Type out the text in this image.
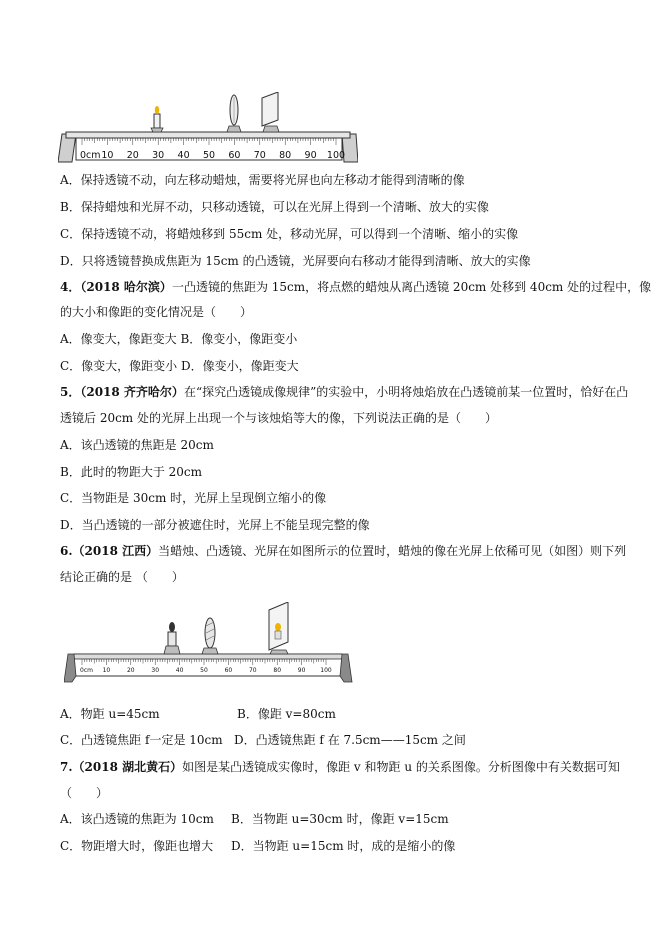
0cm 10 20 30 40 50 60 70 80 90 100
A．保持透镜不动，向左移动蜡烛，需要将光屏也向左移动才能得到清晰的像
B．保持蜡烛和光屏不动，只移动透镜，可以在光屏上得到一个清晰、放大的实像
C．保持透镜不动，将蜡烛移到 55cm 处，移动光屏，可以得到一个清晰、缩小的实像
D．只将透镜替换成焦距为 15cm 的凸透镜，光屏要向右移动才能得到清晰、放大的实像
4．（2018 哈尔滨）一凸透镜的焦距为 15cm，将点燃的蜡烛从离凸透镜 20cm 处移到 40cm 处的过程中，像
的大小和像距的变化情况是（　　）
A．像变大，像距变大 B．像变小，像距变小
C．像变大，像距变小 D．像变小，像距变大
5．（2018 齐齐哈尔）在“探究凸透镜成像规律”的实验中，小明将烛焰放在凸透镜前某一位置时，恰好在凸
透镜后 20cm 处的光屏上出现一个与该烛焰等大的像，下列说法正确的是（　　）
A．该凸透镜的焦距是 20cm
B．此时的物距大于 20cm
C．当物距是 30cm 时，光屏上呈现倒立缩小的像
D．当凸透镜的一部分被遮住时，光屏上不能呈现完整的像
6.（2018 江西）当蜡烛、凸透镜、光屏在如图所示的位置时，蜡烛的像在光屏上依稀可见（如图）则下列
结论正确的是 （　　）
0cm 10	20	30	40	50	60	70	80	90 100
A．物距 u=45cm	B．像距 v=80cm
C．凸透镜焦距 f一定是 10cm D．凸透镜焦距 f 在 7.5cm——15cm 之间
7.（2018 湖北黄石）如图是某凸透镜成实像时，像距 v 和物距 u 的关系图像。分析图像中有关数据可知
（　　）
A．该凸透镜的焦距为 10cm B．当物距 u=30cm 时，像距 v=15cm
C．物距增大时，像距也增大 D．当物距 u=15cm 时，成的是缩小的像
